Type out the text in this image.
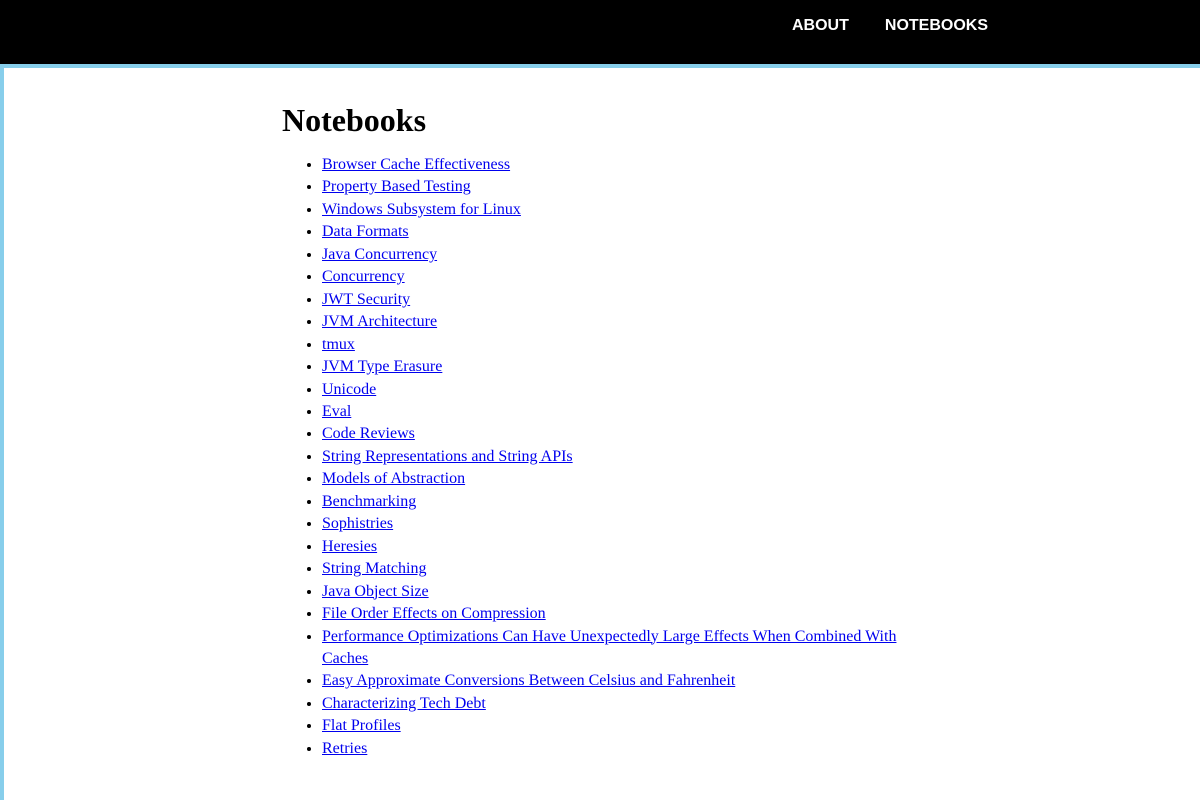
ABOUT NOTEBOOKS
Notebooks
• Browser Cache Effectiveness
• Property Based Testing
• Windows Subsystem for Linux
• Data Formats
• Java Concurrency
• Concurrency
• JWT Security
• JVM Architecture
• tmux
• JVM Type Erasure
• Unicode
• Eval
• Code Reviews
• String Representations and String APIs
• Models of Abstraction
• Benchmarking
• Sophistries
• Heresies
• String Matching
• Java Object Size
• File Order Effects on Compression
• Performance Optimizations Can Have Unexpectedly Large Effects When Combined With Caches
• Easy Approximate Conversions Between Celsius and Fahrenheit
• Characterizing Tech Debt
• Flat Profiles
• Retries
